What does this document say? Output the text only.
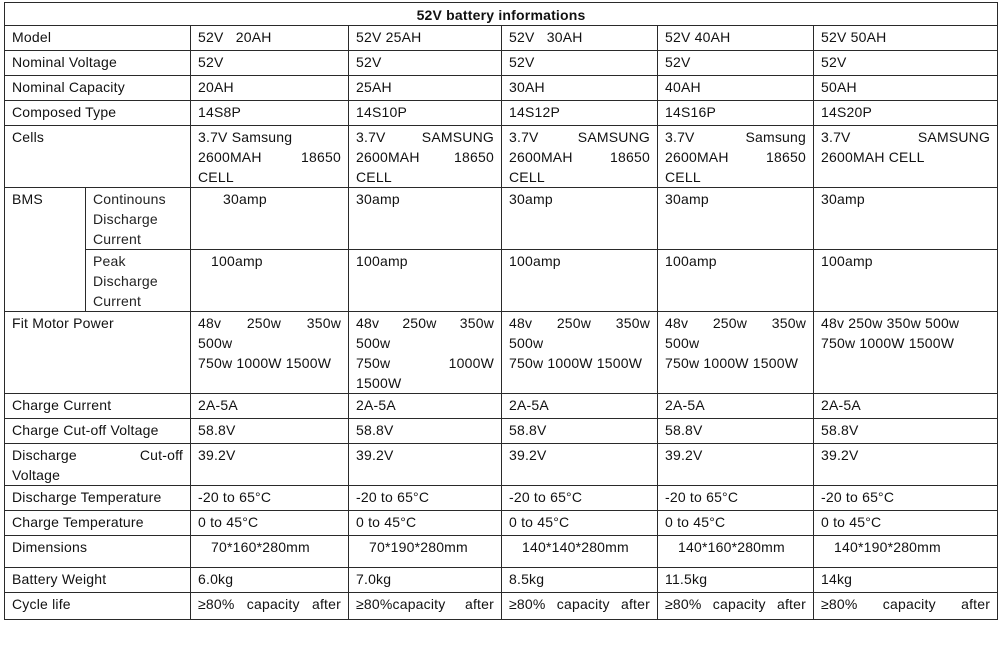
52V battery informations						
Model		52V   20AH	52V 25AH	52V   30AH	52V 40AH	52V 50AH
Nominal Voltage		52V	52V	52V	52V	52V
Nominal Capacity		20AH	25AH	30AH	40AH	50AH
Composed Type		14S8P	14S10P	14S12P	14S16P	14S20P
Cells		3.7V Samsung
2600MAH 18650
CELL	3.7V SAMSUNG
2600MAH 18650
CELL	3.7V SAMSUNG
2600MAH 18650
CELL	3.7V Samsung
2600MAH 18650
CELL	3.7V SAMSUNG
2600MAH CELL

BMS	Continouns
Discharge
Current	30amp	30amp	30amp	30amp	30amp

	Peak
Discharge
Current	100amp	100amp	100amp	100amp	100amp
Fit Motor Power		48v 250w 350w
500w
750w 1000W 1500W	48v 250w 350w
500w
750w 1000W
1500W	48v 250w 350w
500w
750w 1000W 1500W	48v 250w 350w
500w
750w 1000W 1500W	48v 250w 350w 500w
750w 1000W 1500W

Charge Current		2A-5A	2A-5A	2A-5A	2A-5A	2A-5A
Charge Cut-off Voltage		58.8V	58.8V	58.8V	58.8V	58.8V

Discharge Cut-off
Voltage		39.2V	39.2V	39.2V	39.2V	39.2V
Discharge Temperature		-20 to 65°C	-20 to 65°C	-20 to 65°C	-20 to 65°C	-20 to 65°C
Charge Temperature		0 to 45°C	0 to 45°C	0 to 45°C	0 to 45°C	0 to 45°C
Dimensions		70*160*280mm	70*190*280mm	140*140*280mm	140*160*280mm	140*190*280mm
Battery Weight		6.0kg	7.0kg	8.5kg	11.5kg	14kg
Cycle life		≥80% capacity after	≥80%capacity after	≥80% capacity after	≥80% capacity after	≥80% capacity after
